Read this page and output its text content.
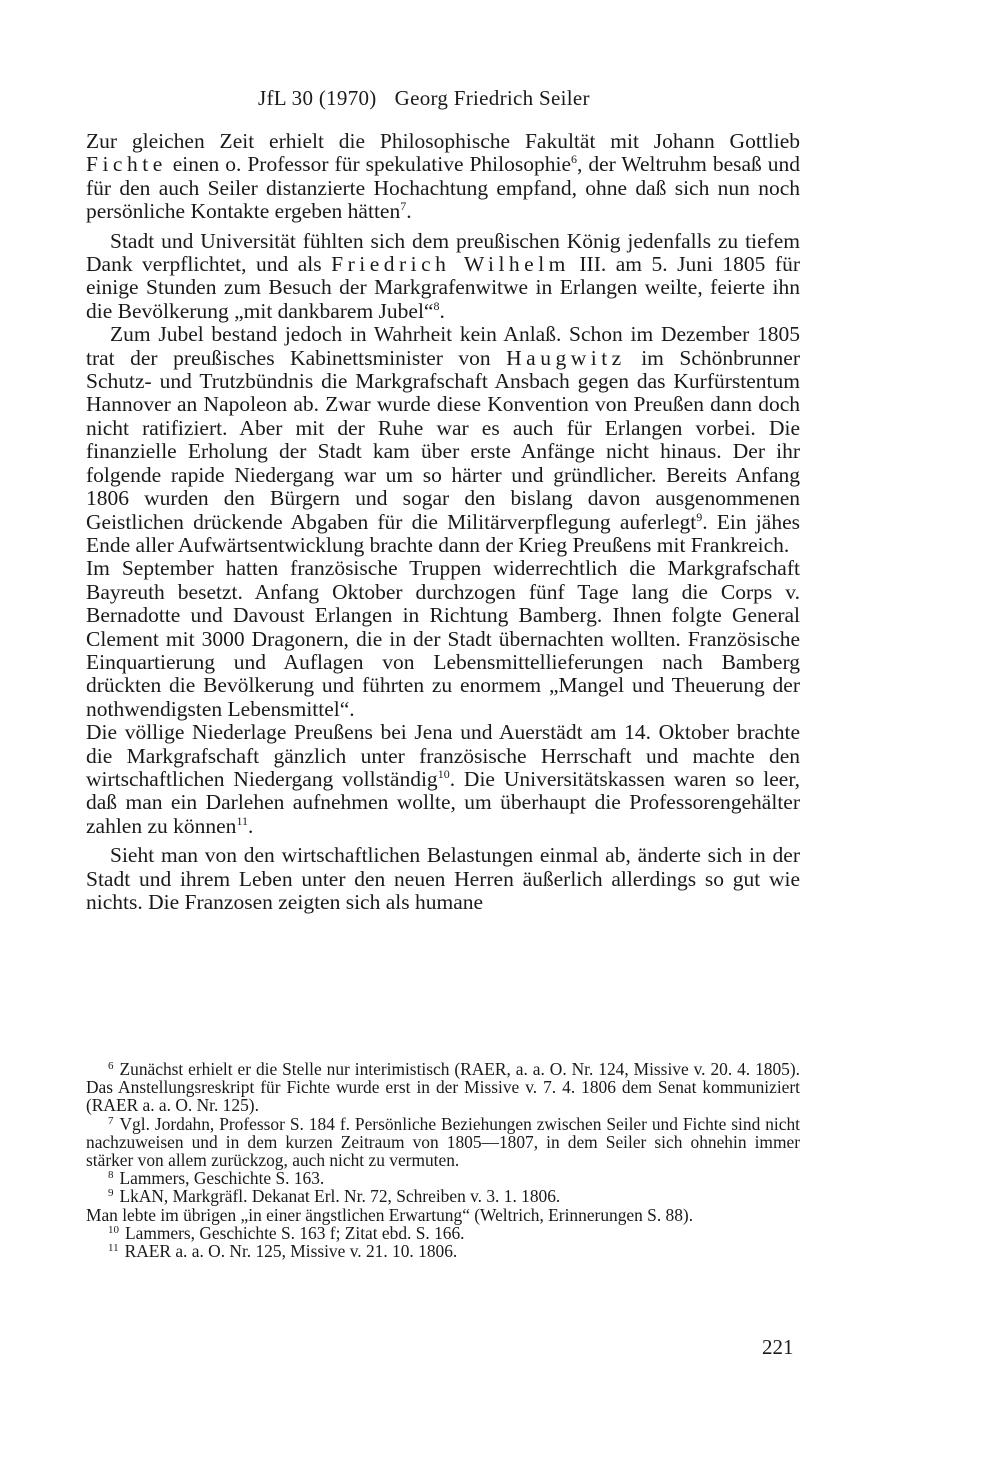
JfL 30 (1970) Georg Friedrich Seiler

Zur gleichen Zeit erhielt die Philosophische Fakultät mit Johann Gottlieb Fichte einen o. Professor für spekulative Philosophie$^6$, der Weltruhm besaß und für den auch Seiler distanzierte Hochachtung empfand, ohne daß sich nun noch persönliche Kontakte ergeben hätten$^7$.

Stadt und Universität fühlten sich dem preußischen König jedenfalls zu tiefem Dank verpflichtet, und als Friedrich Wilhelm III. am 5. Juni 1805 für einige Stunden zum Besuch der Markgrafenwitwe in Erlangen weilte, feierte ihn die Bevölkerung „mit dankbarem Jubel“$^8$.

Zum Jubel bestand jedoch in Wahrheit kein Anlaß. Schon im Dezember 1805 trat der preußisches Kabinettsminister von Haugwitz im Schönbrunner Schutz- und Trutzbündnis die Markgrafschaft Ansbach gegen das Kurfürstentum Hannover an Napoleon ab. Zwar wurde diese Konvention von Preußen dann doch nicht ratifiziert. Aber mit der Ruhe war es auch für Erlangen vorbei. Die finanzielle Erholung der Stadt kam über erste Anfänge nicht hinaus. Der ihr folgende rapide Niedergang war um so härter und gründlicher. Bereits Anfang 1806 wurden den Bürgern und sogar den bislang davon ausgenommenen Geistlichen drückende Abgaben für die Militärverpflegung auferlegt$^9$. Ein jähes Ende aller Aufwärtsentwicklung brachte dann der Krieg Preußens mit Frankreich.

Im September hatten französische Truppen widerrechtlich die Markgrafschaft Bayreuth besetzt. Anfang Oktober durchzogen fünf Tage lang die Corps v. Bernadotte und Davoust Erlangen in Richtung Bamberg. Ihnen folgte General Clement mit 3000 Dragonern, die in der Stadt übernachten wollten. Französische Einquartierung und Auflagen von Lebensmittellieferungen nach Bamberg drückten die Bevölkerung und führten zu enormem „Mangel und Theuerung der nothwendigsten Lebensmittel“.

Die völlige Niederlage Preußens bei Jena und Auerstädt am 14. Oktober brachte die Markgrafschaft gänzlich unter französische Herrschaft und machte den wirtschaftlichen Niedergang vollständig$^{10}$. Die Universitätskassen waren so leer, daß man ein Darlehen aufnehmen wollte, um überhaupt die Professorengehälter zahlen zu können$^{11}$.

Sieht man von den wirtschaftlichen Belastungen einmal ab, änderte sich in der Stadt und ihrem Leben unter den neuen Herren äußerlich allerdings so gut wie nichts. Die Franzosen zeigten sich als humane

$^6$ Zunächst erhielt er die Stelle nur interimistisch (RAER, a. a. O. Nr. 124, Missive v. 20. 4. 1805). Das Anstellungsreskript für Fichte wurde erst in der Missive v. 7. 4. 1806 dem Senat kommuniziert (RAER a. a. O. Nr. 125).

$^7$ Vgl. Jordahn, Professor S. 184 f. Persönliche Beziehungen zwischen Seiler und Fichte sind nicht nachzuweisen und in dem kurzen Zeitraum von 1805—1807, in dem Seiler sich ohnehin immer stärker von allem zurückzog, auch nicht zu vermuten.

$^8$ Lammers, Geschichte S. 163.

$^9$ LkAN, Markgräfl. Dekanat Erl. Nr. 72, Schreiben v. 3. 1. 1806.

Man lebte im übrigen „in einer ängstlichen Erwartung“ (Weltrich, Erinnerungen S. 88).

$^{10}$ Lammers, Geschichte S. 163 f; Zitat ebd. S. 166.

$^{11}$ RAER a. a. O. Nr. 125, Missive v. 21. 10. 1806.

221
